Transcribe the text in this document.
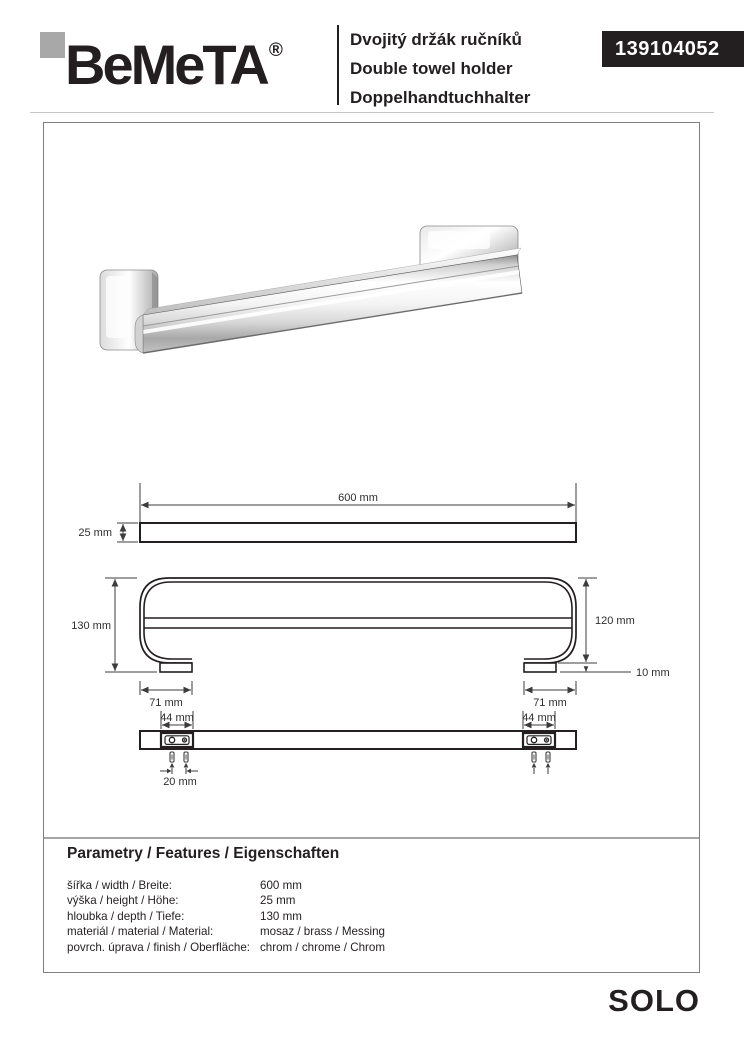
BeMeTA ®
Dvojitý držák ručníků
Double towel holder
Doppelhandtuchhalter
139104052
600 mm
25 mm
130 mm	120 mm
10 mm
71 mm	71 mm
44 mm	44 mm
20 mm
Parametry / Features / Eigenschaften
šířka / width / Breite:	600 mm
výška / height / Höhe:	25 mm
hloubka / depth / Tiefe:	130 mm
materiál / material / Material:	mosaz / brass / Messing
povrch. úprava / finish / Oberfläche: chrom / chrome / Chrom
SOLO
